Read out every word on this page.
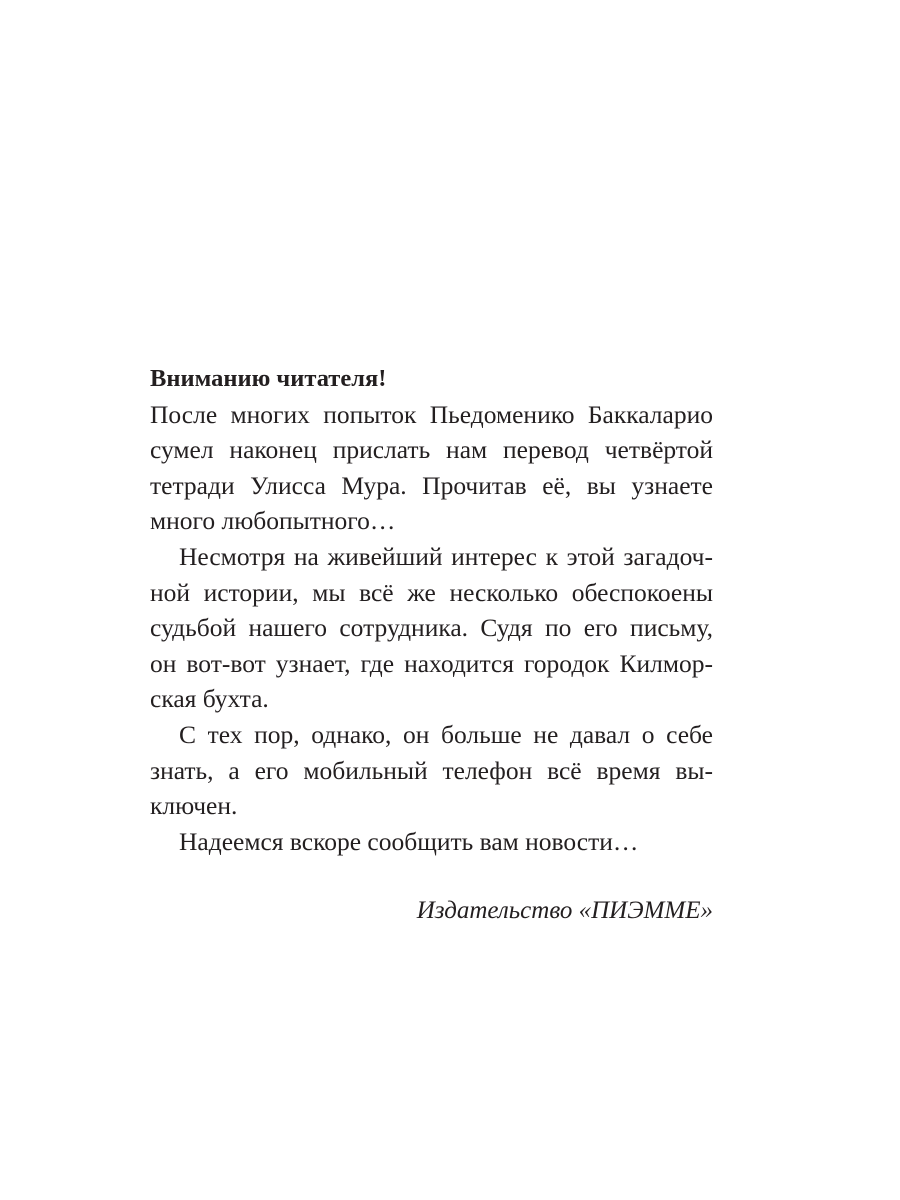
Вниманию читателя!
После многих попыток Пьедоменико Баккаларио
сумел наконец прислать нам перевод четвёртой
тетради Улисса Мура. Прочитав её, вы узнаете
много любопытного…
Несмотря на живейший интерес к этой загадоч-
ной истории, мы всё же несколько обеспокоены
судьбой нашего сотрудника. Судя по его письму,
он вот-вот узнает, где находится городок Килмор-
ская бухта.
С тех пор, однако, он больше не давал о себе
знать, а его мобильный телефон всё время вы-
ключен.
Надеемся вскоре сообщить вам новости…
Издательство «ПИЭММЕ»
